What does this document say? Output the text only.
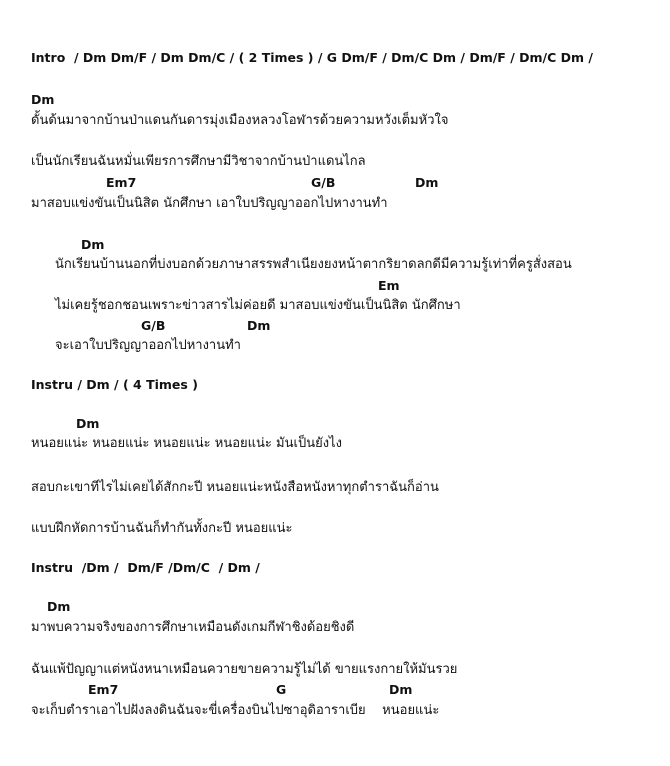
Intro  / Dm Dm/F / Dm Dm/C / ( 2 Times ) / G Dm/F / Dm/C Dm / Dm/F / Dm/C Dm /
Dm
ดั้นด้นมาจากบ้านป่าแดนกันดารมุ่งเมืองหลวงโอฬารด้วยความหวังเต็มหัวใจ
เป็นนักเรียนฉันหมั่นเพียรการศึกษามีวิชาจากบ้านป่าแดนไกล
Em7	G/B	Dm
มาสอบแข่งขันเป็นนิสิต นักศึกษา เอาใบปริญญาออกไปหางานทำ
Dm
นักเรียนบ้านนอกที่บ่งบอกด้วยภาษาสรรพสำเนียงยงหน้าตากริยาดลกดีมีความรู้เท่าที่ครูสั่งสอน
Em
ไม่เคยรู้ชอกชอนเพราะข่าวสารไม่ค่อยดี มาสอบแข่งขันเป็นนิสิต นักศึกษา
G/B	Dm
จะเอาใบปริญญาออกไปหางานทำ
Instru / Dm / ( 4 Times )
Dm
หนอยแน่ะ หนอยแน่ะ หนอยแน่ะ หนอยแน่ะ มันเป็นยังไง
สอบกะเขาทีไรไม่เคยได้สักกะปี หนอยแน่ะหนังสือหนังหาทุกตำราฉันก็อ่าน
แบบฝึกหัดการบ้านฉันก็ทำกันทั้งกะปี หนอยแน่ะ
Instru  /Dm /  Dm/F /Dm/C  / Dm /
Dm
มาพบความจริงของการศึกษาเหมือนดังเกมกีฬาชิงด้อยชิงดี
ฉันแพ้ปัญญาแต่หนังหนาเหมือนควายขายความรู้ไม่ได้ ขายแรงกายให้มันรวย
Em7	G	Dm
จะเก็บตำราเอาไปฝังลงดินฉันจะขี่เครื่องบินไปซาอุดิอาราเบีย    หนอยแน่ะ
